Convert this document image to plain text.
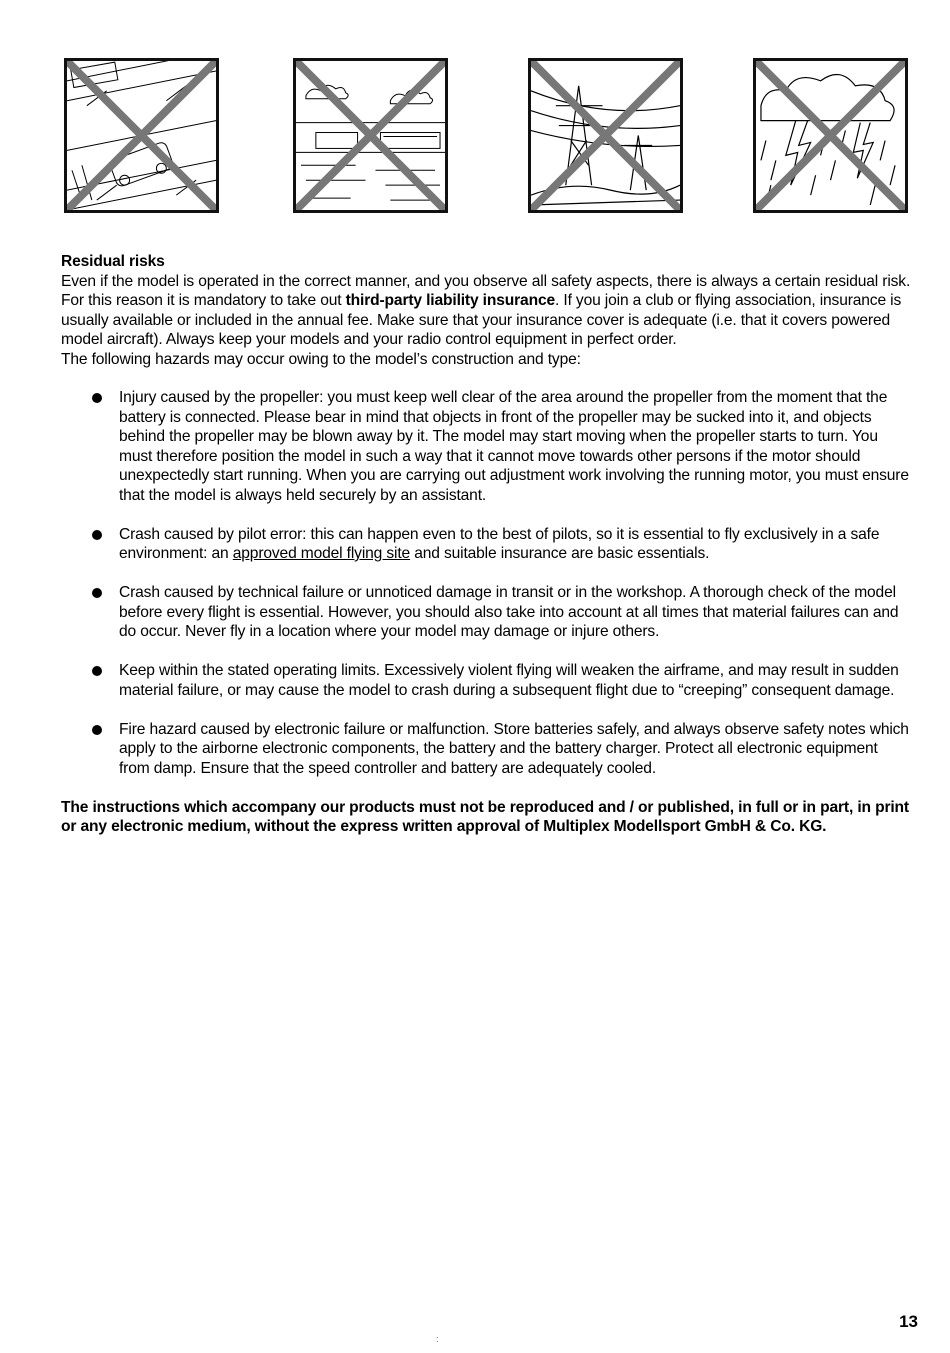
Residual risks

Even if the model is operated in the correct manner, and you observe all safety aspects, there is always a certain residual risk.

For this reason it is mandatory to take out third-party liability insurance. If you join a club or flying association, insurance is usually available or included in the annual fee. Make sure that your insurance cover is adequate (i.e. that it covers powered model aircraft). Always keep your models and your radio control equipment in perfect order.

The following hazards may occur owing to the model’s construction and type:

Injury caused by the propeller: you must keep well clear of the area around the propeller from the moment that the battery is connected. Please bear in mind that objects in front of the propeller may be sucked into it, and objects behind the propeller may be blown away by it. The model may start moving when the propeller starts to turn. You must therefore position the model in such a way that it cannot move towards other persons if the motor should unexpectedly start running. When you are carrying out adjustment work involving the running motor, you must ensure that the model is always held securely by an assistant.
Crash caused by pilot error: this can happen even to the best of pilots, so it is essential to fly exclusively in a safe environment: an approved model flying site and suitable insurance are basic essentials.
Crash caused by technical failure or unnoticed damage in transit or in the workshop. A thorough check of the model before every flight is essential. However, you should also take into account at all times that material failures can and do occur. Never fly in a location where your model may damage or injure others.
Keep within the stated operating limits. Excessively violent flying will weaken the airframe, and may result in sudden material failure, or may cause the model to crash during a subsequent flight due to “creeping” consequent damage.
Fire hazard caused by electronic failure or malfunction. Store batteries safely, and always observe safety notes which apply to the airborne electronic components, the battery and the battery charger. Protect all electronic equipment from damp. Ensure that the speed controller and battery are adequately cooled.

The instructions which accompany our products must not be reproduced and / or published, in full or in part, in print or any electronic medium, without the express written approval of Multiplex Modellsport GmbH & Co. KG.

13
:
